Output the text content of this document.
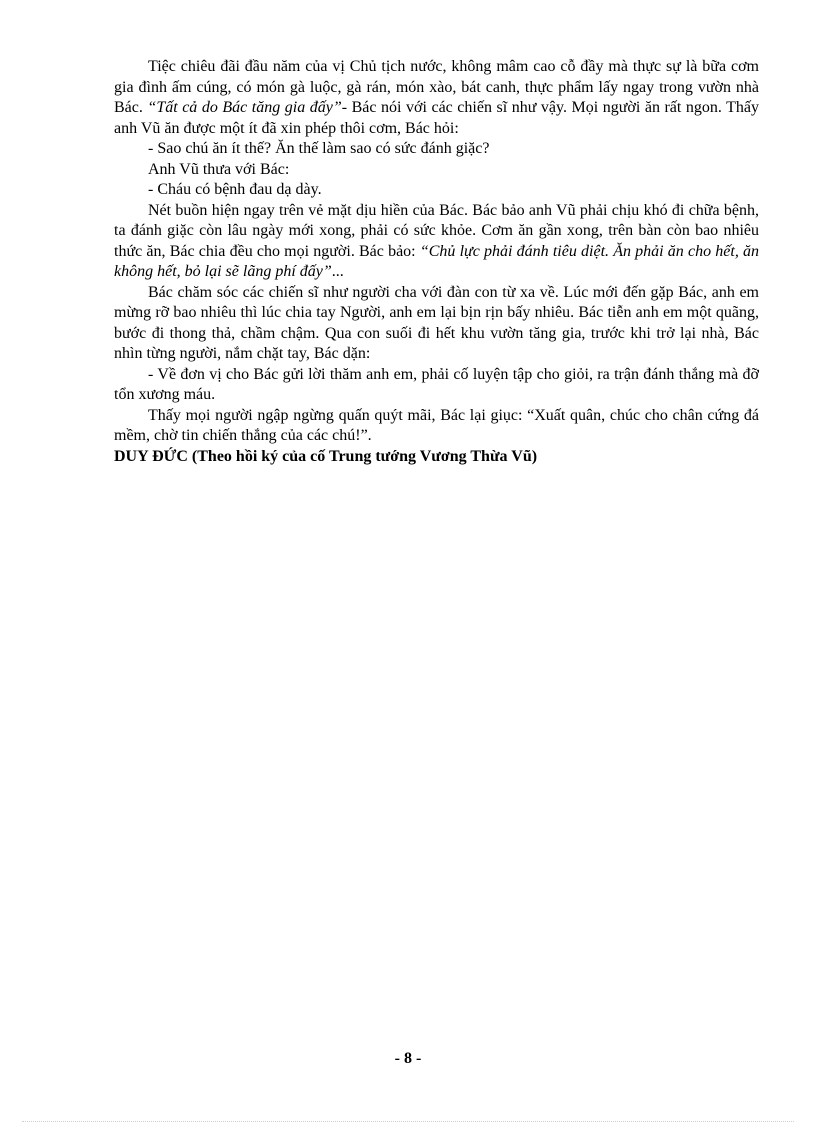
Tiệc chiêu đãi đầu năm của vị Chủ tịch nước, không mâm cao cỗ đầy mà thực sự là bữa cơm gia đình ấm cúng, có món gà luộc, gà rán, món xào, bát canh, thực phẩm lấy ngay trong vườn nhà Bác. “Tất cả do Bác tăng gia đấy”- Bác nói với các chiến sĩ như vậy. Mọi người ăn rất ngon. Thấy anh Vũ ăn được một ít đã xin phép thôi cơm, Bác hỏi:

- Sao chú ăn ít thế? Ăn thế làm sao có sức đánh giặc?

Anh Vũ thưa với Bác:

- Cháu có bệnh đau dạ dày.

Nét buồn hiện ngay trên vẻ mặt dịu hiền của Bác. Bác bảo anh Vũ phải chịu khó đi chữa bệnh, ta đánh giặc còn lâu ngày mới xong, phải có sức khỏe. Cơm ăn gần xong, trên bàn còn bao nhiêu thức ăn, Bác chia đều cho mọi người. Bác bảo: “Chủ lực phải đánh tiêu diệt. Ăn phải ăn cho hết, ăn không hết, bỏ lại sẽ lãng phí đấy”...

Bác chăm sóc các chiến sĩ như người cha với đàn con từ xa về. Lúc mới đến gặp Bác, anh em mừng rỡ bao nhiêu thì lúc chia tay Người, anh em lại bịn rịn bấy nhiêu. Bác tiễn anh em một quãng, bước đi thong thả, chầm chậm. Qua con suối đi hết khu vườn tăng gia, trước khi trở lại nhà, Bác nhìn từng người, nắm chặt tay, Bác dặn:

- Về đơn vị cho Bác gửi lời thăm anh em, phải cố luyện tập cho giỏi, ra trận đánh thắng mà đỡ tổn xương máu.

Thấy mọi người ngập ngừng quấn quýt mãi, Bác lại giục: “Xuất quân, chúc cho chân cứng đá mềm, chờ tin chiến thắng của các chú!”.

DUY ĐỨC (Theo hồi ký của cố Trung tướng Vương Thừa Vũ)

- 8 -
